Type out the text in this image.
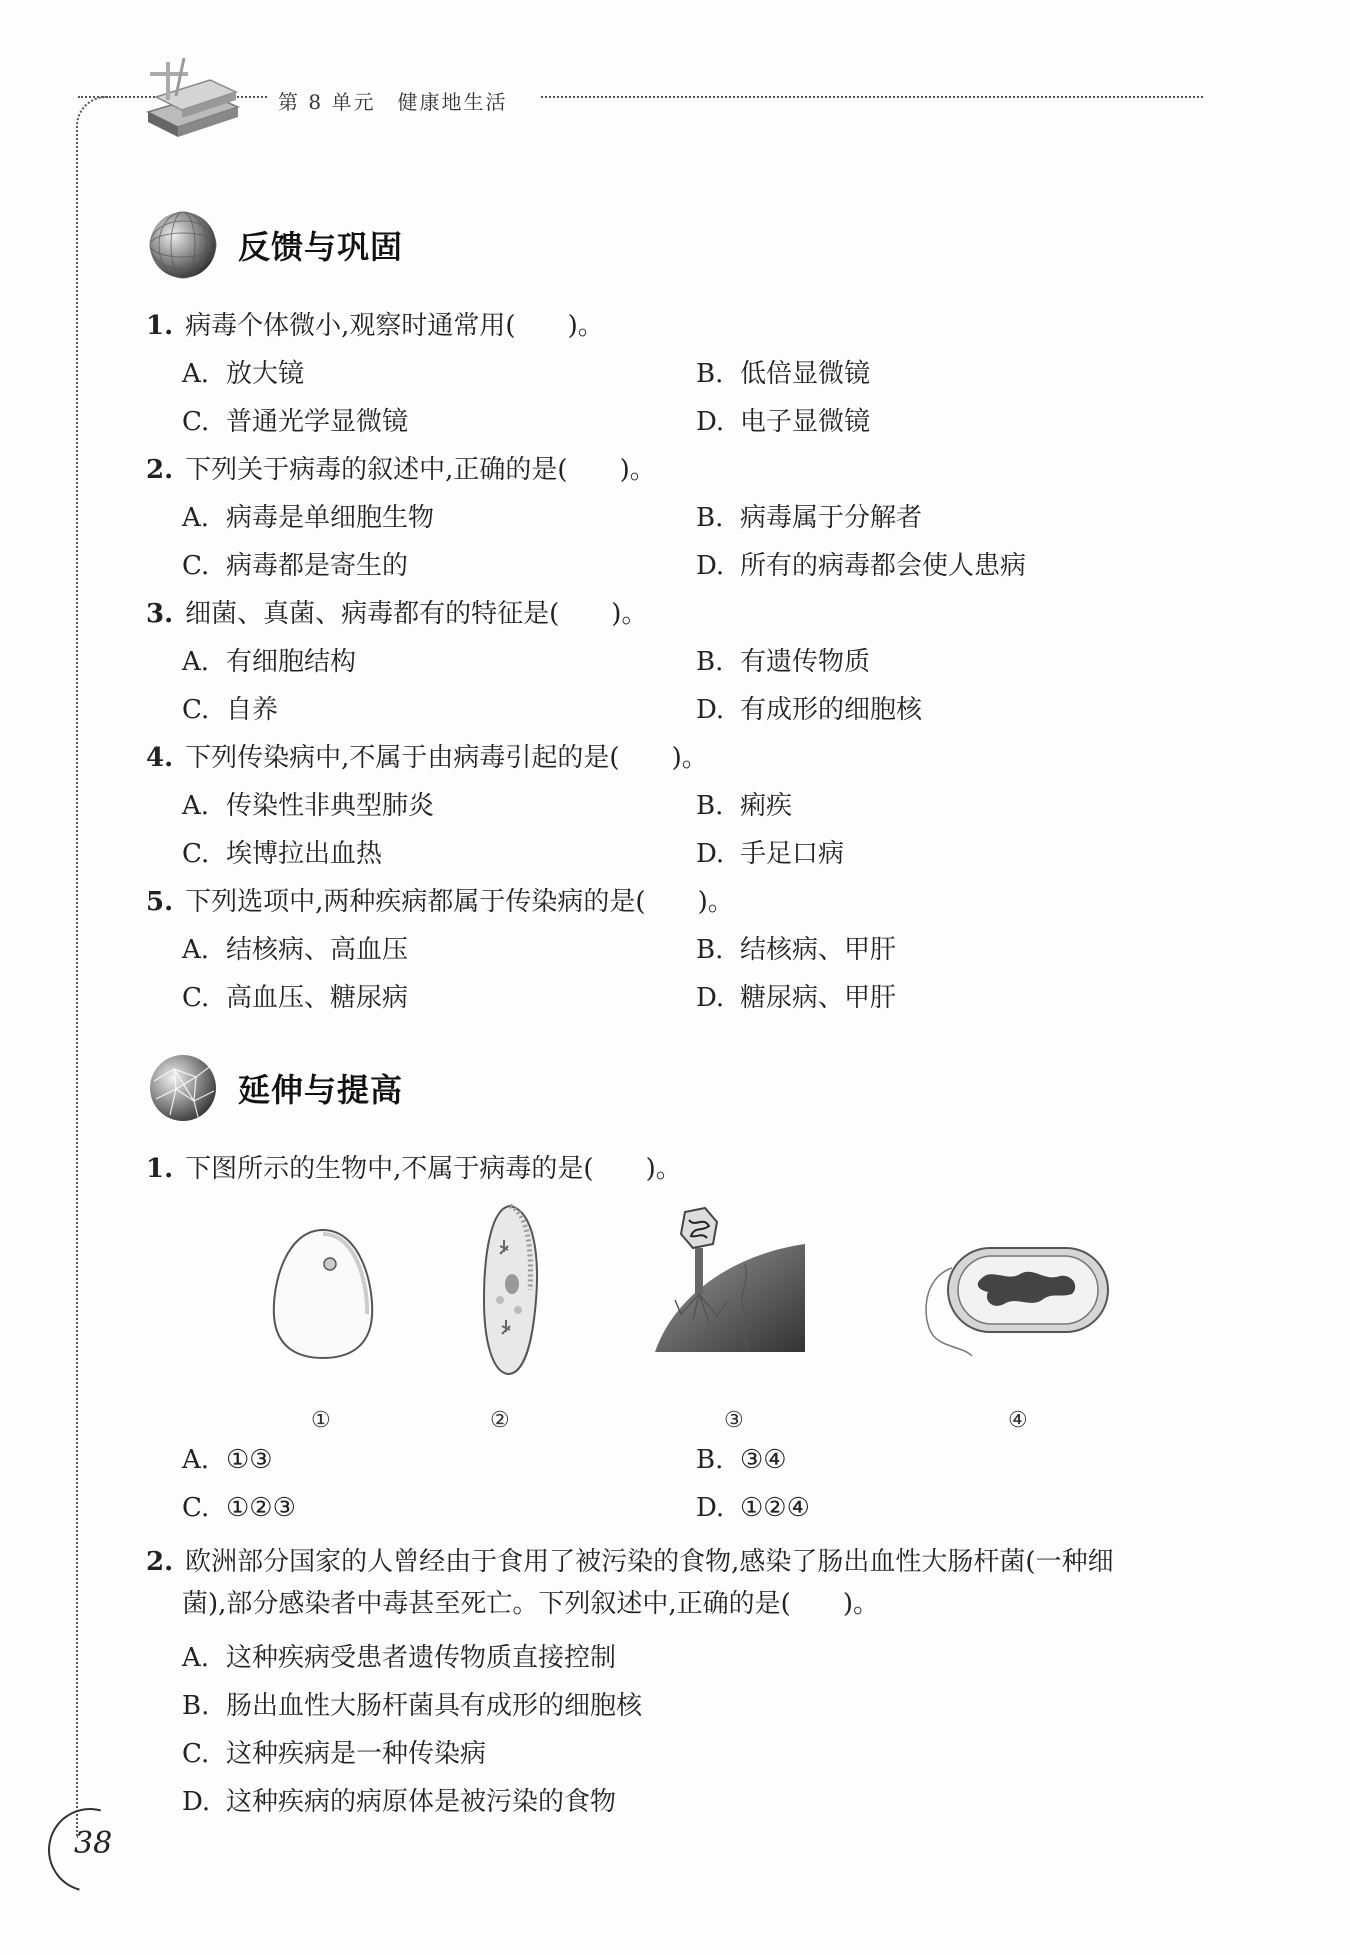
第 8 单元 健康地生活
反馈与巩固
1. 病毒个体微小,观察时通常用(　　)。
A. 放大镜	B. 低倍显微镜
C. 普通光学显微镜	D. 电子显微镜
2. 下列关于病毒的叙述中,正确的是(　　)。
A. 病毒是单细胞生物	B. 病毒属于分解者
C. 病毒都是寄生的	D. 所有的病毒都会使人患病
3. 细菌、真菌、病毒都有的特征是(　　)。
A. 有细胞结构	B. 有遗传物质
C. 自养	D. 有成形的细胞核
4. 下列传染病中,不属于由病毒引起的是(　　)。
A. 传染性非典型肺炎	B. 痢疾
C. 埃博拉出血热	D. 手足口病
5. 下列选项中,两种疾病都属于传染病的是(　　)。
A. 结核病、高血压	B. 结核病、甲肝
C. 高血压、糖尿病	D. 糖尿病、甲肝
延伸与提高
1. 下图所示的生物中,不属于病毒的是(　　)。
①	②	③	④
A. ①③	B. ③④
C. ①②③	D. ①②④
2. 欧洲部分国家的人曾经由于食用了被污染的食物,感染了肠出血性大肠杆菌(一种细
菌),部分感染者中毒甚至死亡。下列叙述中,正确的是(　　)。
A. 这种疾病受患者遗传物质直接控制
B. 肠出血性大肠杆菌具有成形的细胞核
C. 这种疾病是一种传染病
D. 这种疾病的病原体是被污染的食物
38
